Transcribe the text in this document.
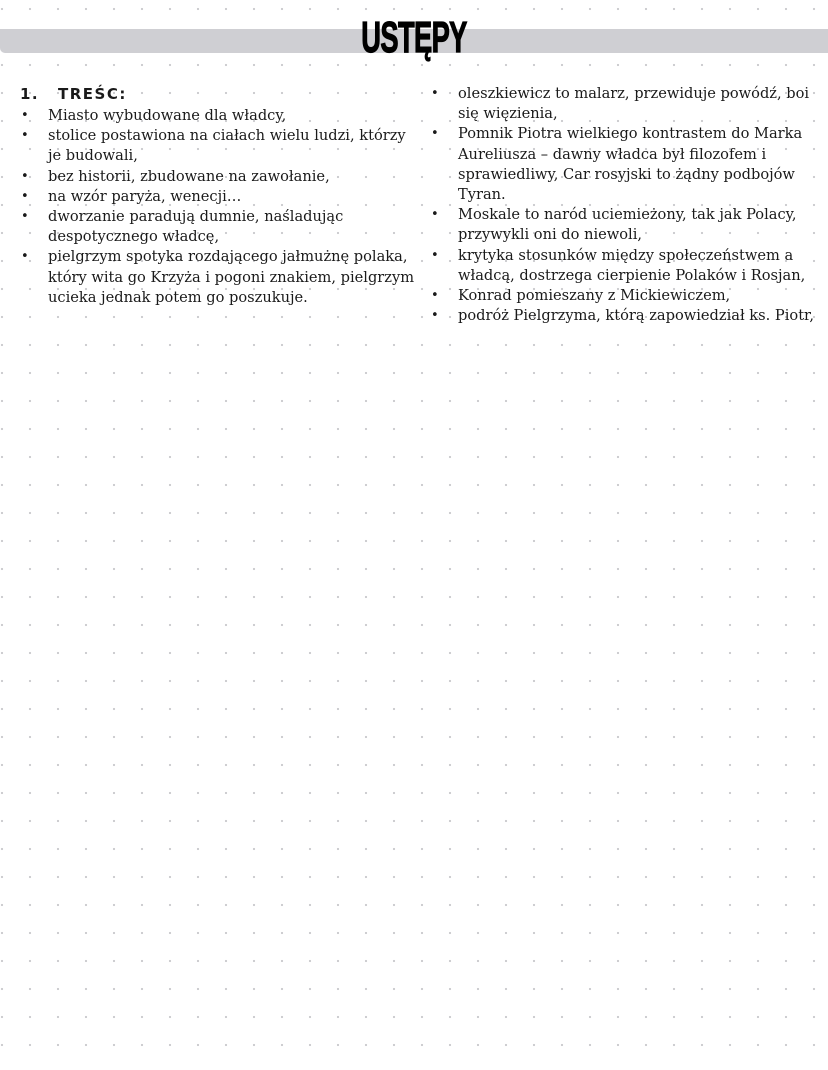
USTĘPY
1. TREŚC:
• Miasto wybudowane dla władcy,
• stolice postawiona na ciałach wielu ludzi, którzy je budowali,
• bez historii, zbudowane na zawołanie,
• na wzór paryża, wenecji…
• dworzanie paradują dumnie, naśladując despotycznego władcę,
• pielgrzym spotyka rozdającego jałmużnę polaka, który wita go Krzyża i pogoni znakiem, pielgrzym ucieka jednak potem go poszukuje.
• oleszkiewicz to malarz, przewiduje powódź, boi się więzienia,
• Pomnik Piotra wielkiego kontrastem do Marka Aureliusza – dawny władca był filozofem i sprawiedliwy, Car rosyjski to żądny podbojów Tyran.
• Moskale to naród uciemieżony, tak jak Polacy, przywykli oni do niewoli,
• krytyka stosunków między społeczeństwem a władcą, dostrzega cierpienie Polaków i Rosjan,
• Konrad pomieszany z Mickiewiczem,
• podróż Pielgrzyma, którą zapowiedział ks. Piotr,
